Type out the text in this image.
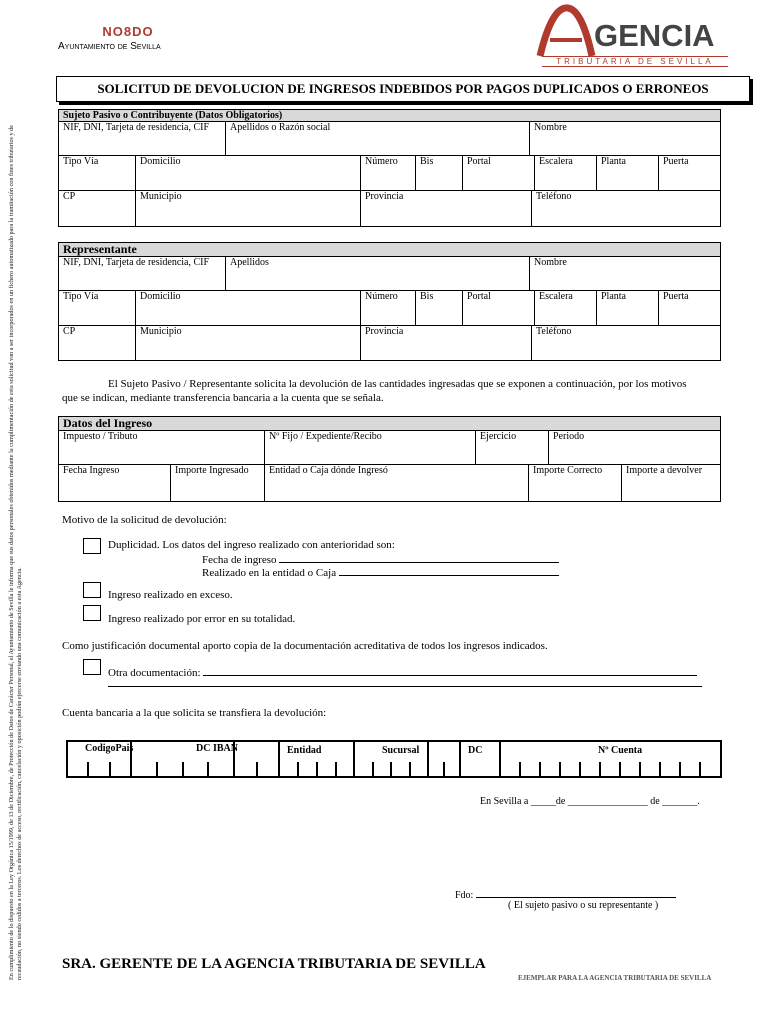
NO8DO
Ayuntamiento de Sevilla	GENCIA
TRIBUTARIA DE SEVILLA
SOLICITUD DE DEVOLUCION DE INGRESOS INDEBIDOS POR PAGOS DUPLICADOS O ERRONEOS
En cumplimiento de lo dispuesto en la Ley Orgánica 15/1999, de 13 de Diciembre, de Protección de Datos de Carácter Personal, el Ayuntamiento de Sevilla le informa que sus datos personales obtenidos mediante la cumplimentación de esta solicitud van a ser incorporados en un fichero automatizado para la tramitación con fines tributarios y de recaudación, no siendo cedidos a terceros. Los derechos de acceso, rectificación, cancelación y oposición podrán ejercerse enviando una comunicación a esta Agencia.
Sujeto Pasivo o Contribuyente (Datos Obligatorios)
NIF, DNI, Tarjeta de residencia, CIF	Apellidos o Razón social	Nombre
Tipo Vía	Domicilio	Número	Bis	Portal	Escalera	Planta	Puerta
CP	Municipio	Provincia	Teléfono
Representante
NIF, DNI, Tarjeta de residencia, CIF	Apellidos	Nombre
Tipo Vía	Domicilio	Número	Bis	Portal	Escalera	Planta	Puerta
CP	Municipio	Provincia	Teléfono
El Sujeto Pasivo / Representante solicita la devolución de las cantidades ingresadas que se exponen a continuación, por los motivos que se indican, mediante transferencia bancaria a la cuenta que se señala.
Datos del Ingreso
Impuesto / Tributo	Nº Fijo / Expediente/Recibo	Ejercicio	Periodo
Fecha Ingreso	Importe Ingresado	Entidad o Caja dónde Ingresó	Importe Correcto	Importe a devolver
Motivo de la solicitud de devolución:
Duplicidad. Los datos del ingreso realizado con anterioridad son:
Fecha de ingreso
Realizado en la entidad o Caja
Ingreso realizado en exceso.
Ingreso realizado por error en su totalidad.
Como justificación documental aporto copia de la documentación acreditativa de todos los ingresos indicados.
Otra documentación:
Cuenta bancaria a la que solicita se transfiera la devolución:
CodigoPais	DC IBAN	Entidad	Sucursal	DC	Nº Cuenta
En Sevilla a _____de ________________ de _______.
Fdo:
( El sujeto pasivo o su representante )
SRA. GERENTE DE LA AGENCIA TRIBUTARIA DE SEVILLA
EJEMPLAR PARA LA AGENCIA TRIBUTARIA DE SEVILLA
